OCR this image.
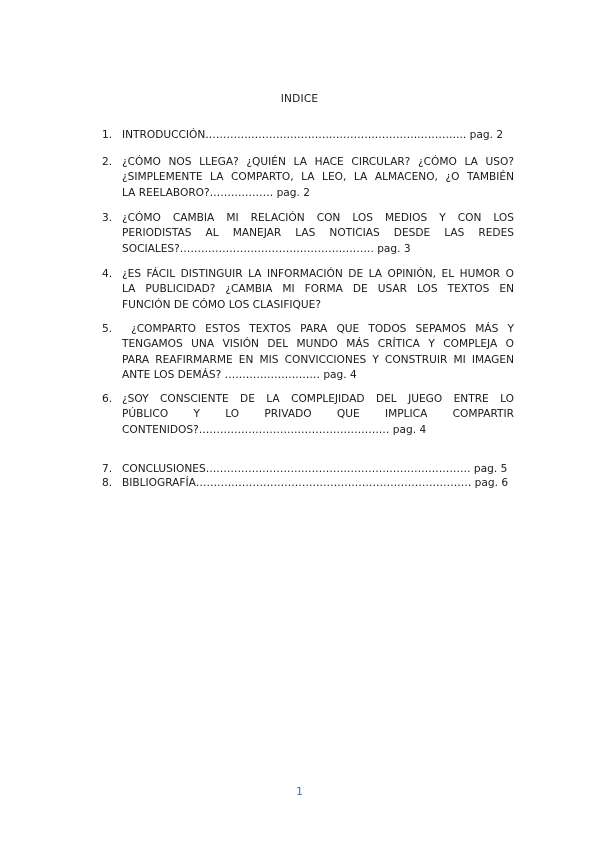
INDICE
1. INTRODUCCIÓN……………………………………………………………….. pag. 2
2. ¿CÓMO NOS LLEGA? ¿QUIÉN LA HACE CIRCULAR? ¿CÓMO LA USO?
¿SIMPLEMENTE LA COMPARTO, LA LEO, LA ALMACENO, ¿O TAMBIÉN
LA REELABORO?……………… pag. 2
3. ¿CÓMO CAMBIA MI RELACIÓN CON LOS MEDIOS Y CON LOS
PERIODISTAS AL MANEJAR LAS NOTICIAS DESDE LAS REDES
SOCIALES?………………………………………………. pag. 3
4. ¿ES FÁCIL DISTINGUIR LA INFORMACIÓN DE LA OPINIÓN, EL HUMOR O
LA PUBLICIDAD? ¿CAMBIA MI FORMA DE USAR LOS TEXTOS EN
FUNCIÓN DE CÓMO LOS CLASIFIQUE?
5. ¿COMPARTO ESTOS TEXTOS PARA QUE TODOS SEPAMOS MÁS Y
TENGAMOS UNA VISIÓN DEL MUNDO MÁS CRÍTICA Y COMPLEJA O
PARA REAFIRMARME EN MIS CONVICCIONES Y CONSTRUIR MI IMAGEN
ANTE LOS DEMÁS? ……………………… pag. 4
6. ¿SOY CONSCIENTE DE LA COMPLEJIDAD DEL JUEGO ENTRE LO
PÚBLICO Y LO PRIVADO QUE IMPLICA COMPARTIR
CONTENIDOS?……………………………………………… pag. 4
7. CONCLUSIONES………………………………………………………………… pag. 5
8. BIBLIOGRAFÍA…………………………………………………………………… pag. 6
1
